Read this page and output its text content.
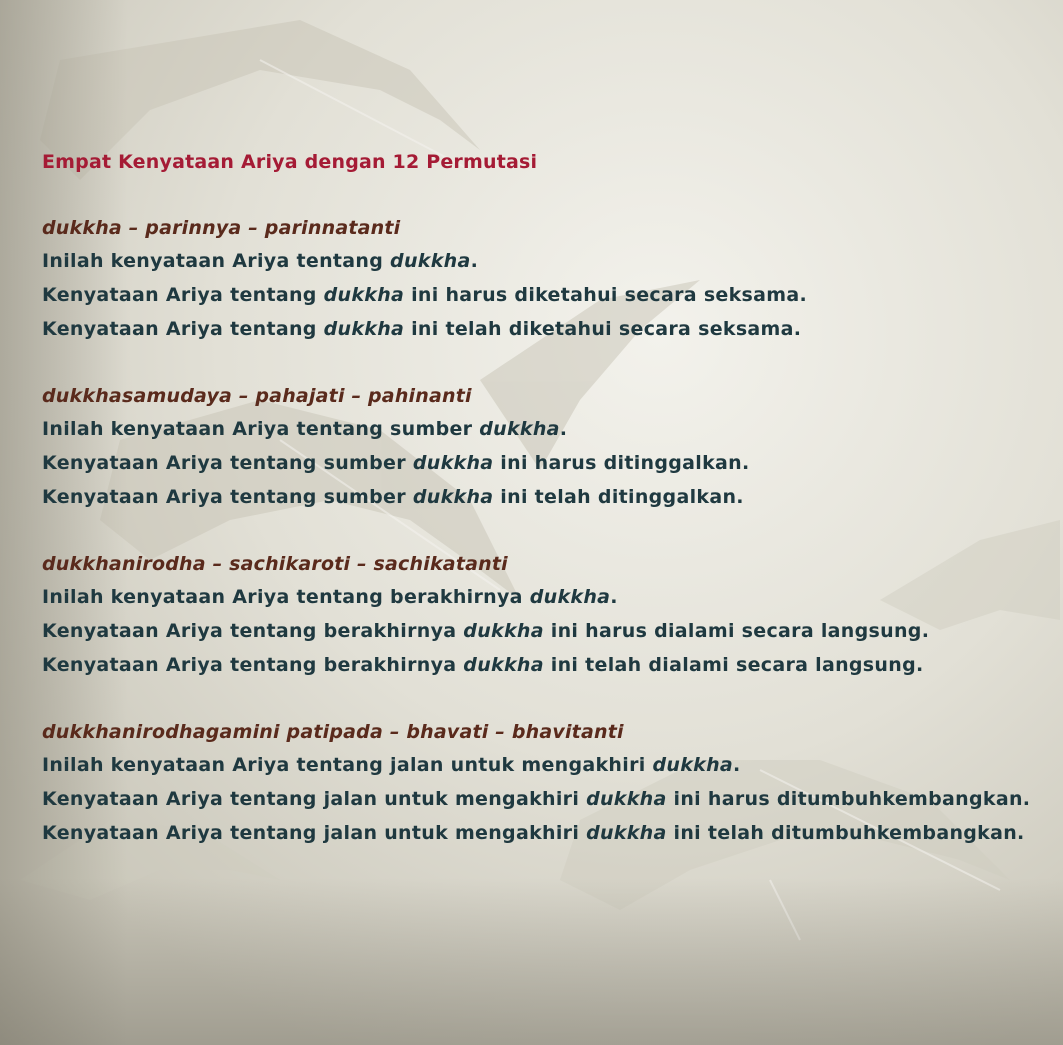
Empat Kenyataan Ariya dengan 12 Permutasi
dukkha – parinnya – parinnatanti
Inilah kenyataan Ariya tentang dukkha.
Kenyataan Ariya tentang dukkha ini harus diketahui secara seksama.
Kenyataan Ariya tentang dukkha ini telah diketahui secara seksama.
dukkhasamudaya – pahajati – pahinanti
Inilah kenyataan Ariya tentang sumber dukkha.
Kenyataan Ariya tentang sumber dukkha ini harus ditinggalkan.
Kenyataan Ariya tentang sumber dukkha ini telah ditinggalkan.
dukkhanirodha – sachikaroti – sachikatanti
Inilah kenyataan Ariya tentang berakhirnya dukkha.
Kenyataan Ariya tentang berakhirnya dukkha ini harus dialami secara langsung.
Kenyataan Ariya tentang berakhirnya dukkha ini telah dialami secara langsung.
dukkhanirodhagamini patipada – bhavati – bhavitanti
Inilah kenyataan Ariya tentang jalan untuk mengakhiri dukkha.
Kenyataan Ariya tentang jalan untuk mengakhiri dukkha ini harus ditumbuhkembangkan.
Kenyataan Ariya tentang jalan untuk mengakhiri dukkha ini telah ditumbuhkembangkan.
